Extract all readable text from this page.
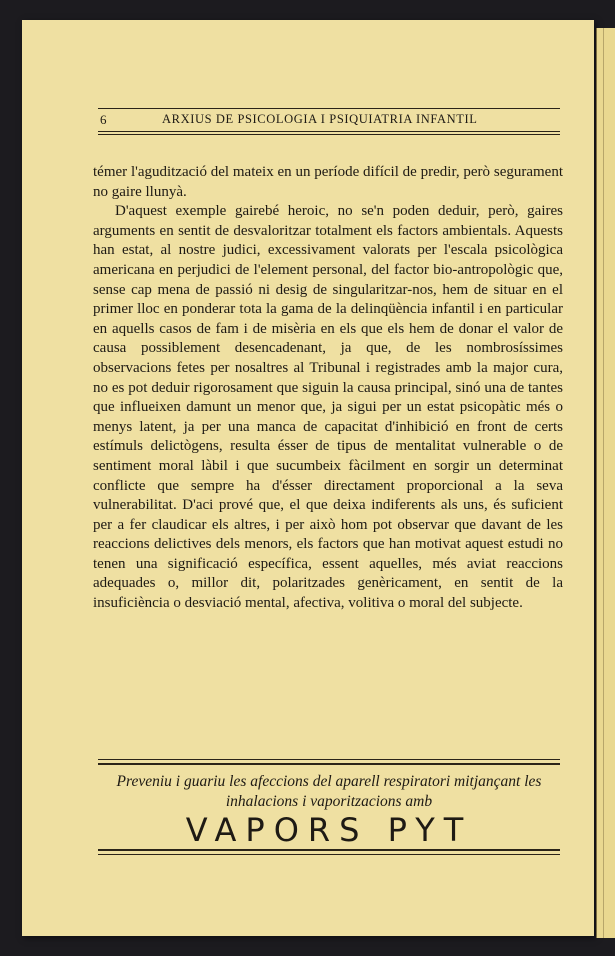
6	ARXIUS DE PSICOLOGIA I PSIQUIATRIA INFANTIL

témer l'agudització del mateix en un període difícil de predir, però segurament no gaire llunyà.

D'aquest exemple gairebé heroic, no se'n poden deduir, però, gaires arguments en sentit de desvaloritzar totalment els factors ambientals. Aquests han estat, al nostre judici, excessivament valorats per l'escala psicològica americana en perjudici de l'element personal, del factor bio-antropològic que, sense cap mena de passió ni desig de singularitzar-nos, hem de situar en el primer lloc en ponderar tota la gama de la delinqüència infantil i en particular en aquells casos de fam i de misèria en els que els hem de donar el valor de causa possiblement desencadenant, ja que, de les nombrosíssimes observacions fetes per nosaltres al Tribunal i registrades amb la major cura, no es pot deduir rigorosament que siguin la causa principal, sinó una de tantes que influeixen damunt un menor que, ja sigui per un estat psicopàtic més o menys latent, ja per una manca de capacitat d'inhibició en front de certs estímuls delictògens, resulta ésser de tipus de mentalitat vulnerable o de sentiment moral làbil i que sucumbeix fàcilment en sorgir un determinat conflicte que sempre ha d'ésser directament proporcional a la seva vulnerabilitat. D'aci prové que, el que deixa indiferents als uns, és suficient per a fer claudicar els altres, i per això hom pot observar que davant de les reaccions delictives dels menors, els factors que han motivat aquest estudi no tenen una significació específica, essent aquelles, més aviat reaccions adequades o, millor dit, polaritzades genèricament, en sentit de la insuficiència o desviació mental, afectiva, volitiva o moral del subjecte.

Preveniu i guariu les afeccions del aparell respiratori mitjançant les inhalacions i vaporitzacions amb

VAPORS PYT
